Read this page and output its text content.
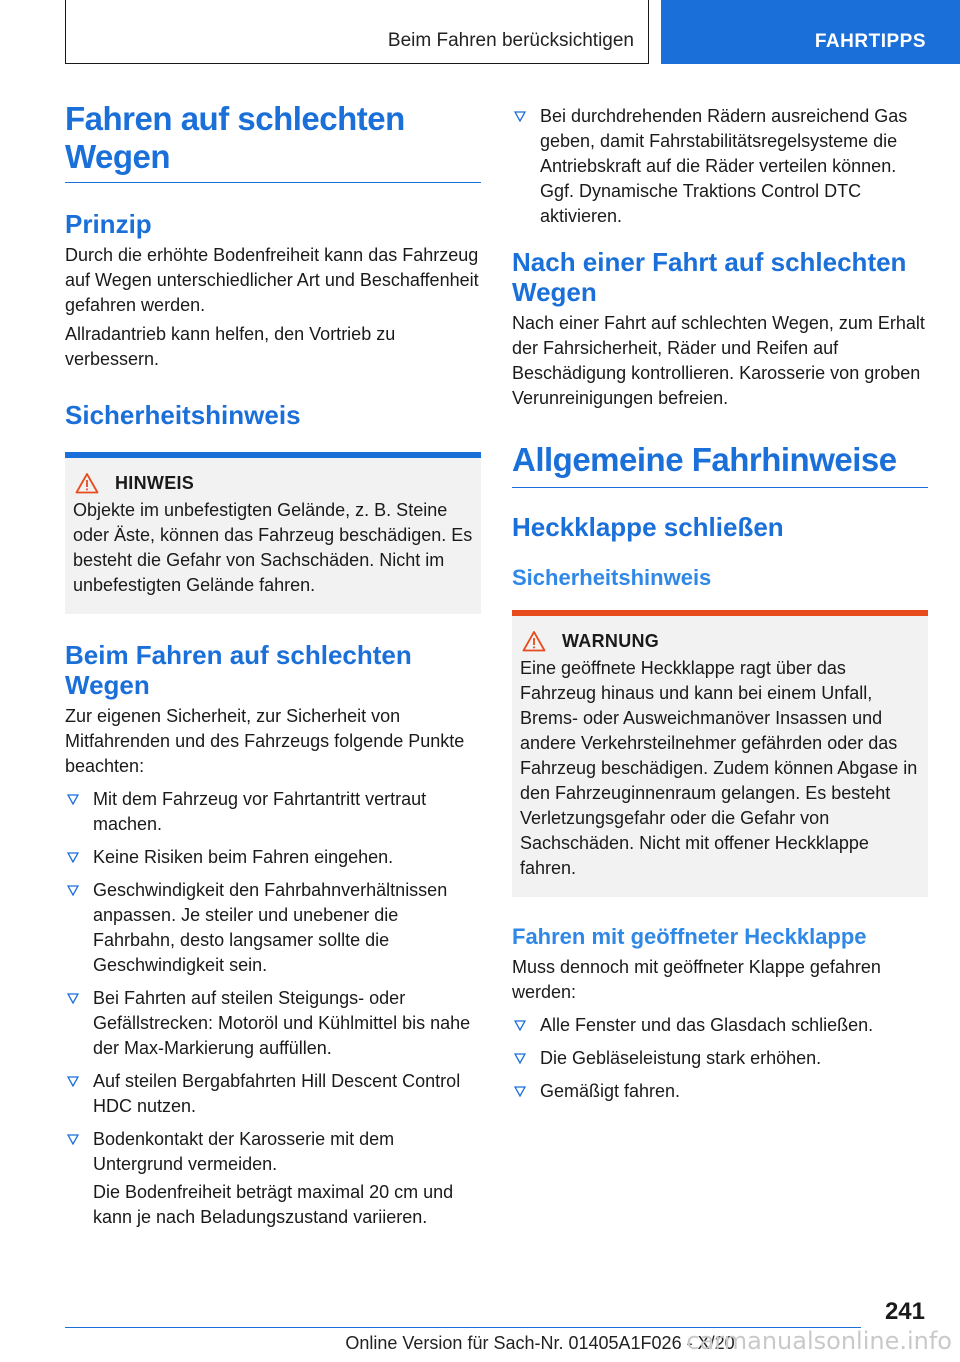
Beim Fahren berücksichtigen	FAHRTIPPS
Fahren auf schlechten
Wegen
Prinzip

Durch die erhöhte Bodenfreiheit kann das Fahrzeug auf Wegen unterschiedlicher Art und Beschaffenheit gefahren werden.

Allradantrieb kann helfen, den Vortrieb zu verbessern.

Sicherheitshinweis
HINWEIS

Objekte im unbefestigten Gelände, z. B. Steine oder Äste, können das Fahrzeug beschädigen. Es besteht die Gefahr von Sachschäden. Nicht im unbefestigten Gelände fahren.

Beim Fahren auf schlechten Wegen

Zur eigenen Sicherheit, zur Sicherheit von Mitfahrenden und des Fahrzeugs folgende Punkte beachten:

Mit dem Fahrzeug vor Fahrtantritt vertraut machen.
Keine Risiken beim Fahren eingehen.
Geschwindigkeit den Fahrbahnverhältnissen anpassen. Je steiler und unebener die Fahrbahn, desto langsamer sollte die Geschwindigkeit sein.
Bei Fahrten auf steilen Steigungs- oder Gefällstrecken: Motoröl und Kühlmittel bis nahe der Max-Markierung auffüllen.
Auf steilen Bergabfahrten Hill Descent Control HDC nutzen.
Bodenkontakt der Karosserie mit dem Untergrund vermeiden.
Die Bodenfreiheit beträgt maximal 20 cm und kann je nach Beladungszustand variieren.
Bei durchdrehenden Rädern ausreichend Gas geben, damit Fahrstabilitätsregelsysteme die Antriebskraft auf die Räder verteilen können. Ggf. Dynamische Traktions Control DTC aktivieren.
Nach einer Fahrt auf schlechten Wegen

Nach einer Fahrt auf schlechten Wegen, zum Erhalt der Fahrsicherheit, Räder und Reifen auf Beschädigung kontrollieren. Karosserie von groben Verunreinigungen befreien.

Allgemeine Fahrhinweise
Heckklappe schließen
Sicherheitshinweis
WARNUNG

Eine geöffnete Heckklappe ragt über das Fahrzeug hinaus und kann bei einem Unfall, Brems- oder Ausweichmanöver Insassen und andere Verkehrsteilnehmer gefährden oder das Fahrzeug beschädigen. Zudem können Abgase in den Fahrzeuginnenraum gelangen. Es besteht Verletzungsgefahr oder die Gefahr von Sachschäden. Nicht mit offener Heckklappe fahren.

Fahren mit geöffneter Heckklappe

Muss dennoch mit geöffneter Klappe gefahren werden:

Alle Fenster und das Glasdach schließen.
Die Gebläseleistung stark erhöhen.
Gemäßigt fahren.
241
Online Version für Sach-Nr. 01405A1F026 - X/20
carmanualsonline.info
